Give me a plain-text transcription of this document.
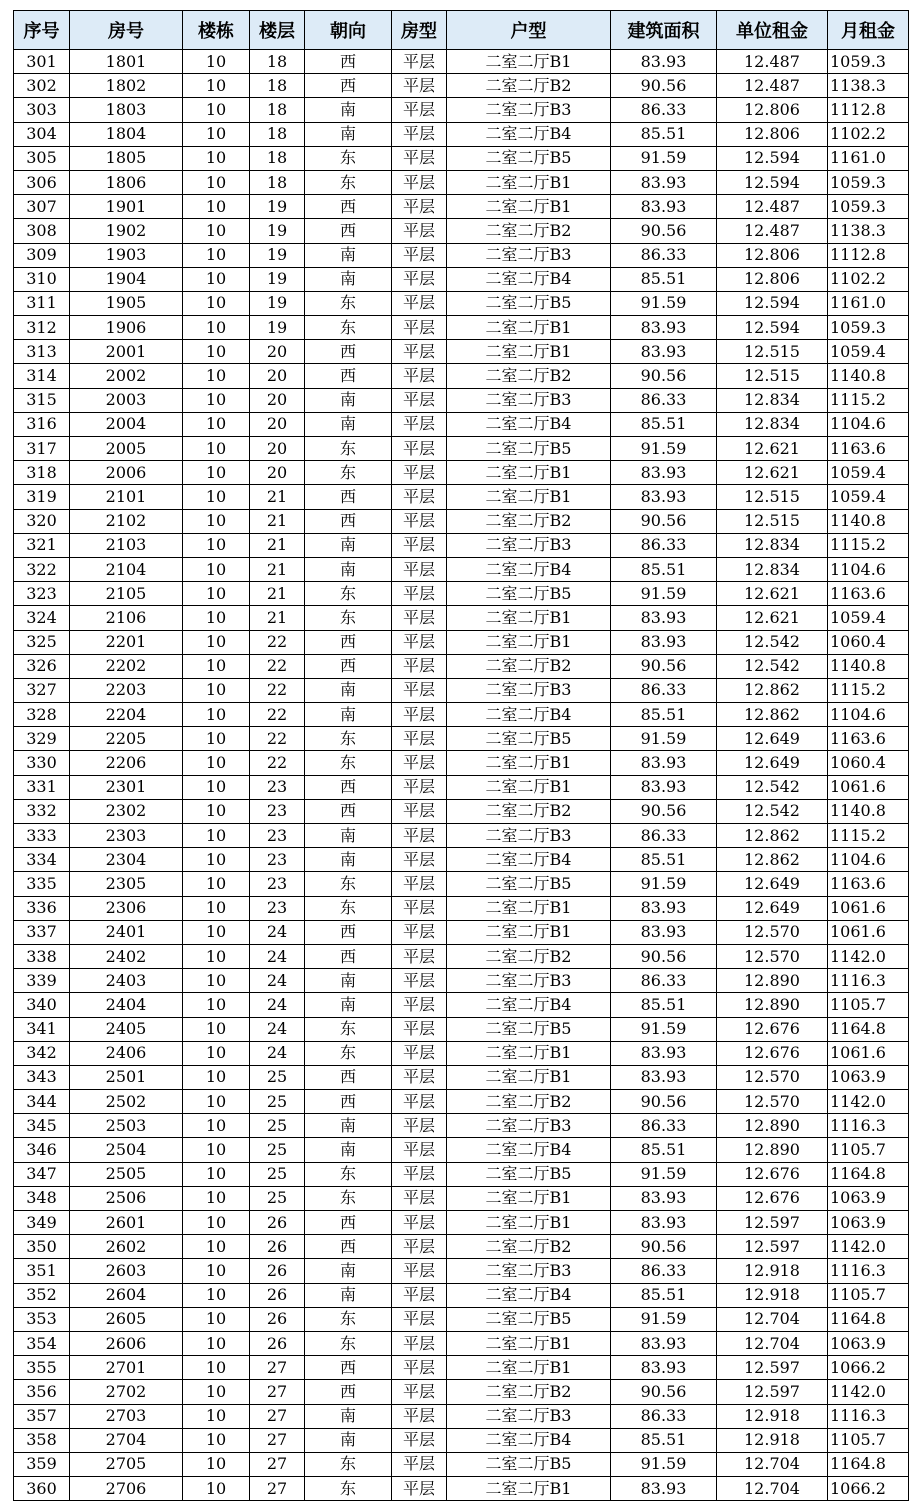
序号	房号	楼栋	楼层	朝向	房型	户型	建筑面积	单位租金	月租金
301	1801	10	18	西	平层	二室二厅B1	83.93	12.487	1059.3
302	1802	10	18	西	平层	二室二厅B2	90.56	12.487	1138.3
303	1803	10	18	南	平层	二室二厅B3	86.33	12.806	1112.8
304	1804	10	18	南	平层	二室二厅B4	85.51	12.806	1102.2
305	1805	10	18	东	平层	二室二厅B5	91.59	12.594	1161.0
306	1806	10	18	东	平层	二室二厅B1	83.93	12.594	1059.3
307	1901	10	19	西	平层	二室二厅B1	83.93	12.487	1059.3
308	1902	10	19	西	平层	二室二厅B2	90.56	12.487	1138.3
309	1903	10	19	南	平层	二室二厅B3	86.33	12.806	1112.8
310	1904	10	19	南	平层	二室二厅B4	85.51	12.806	1102.2
311	1905	10	19	东	平层	二室二厅B5	91.59	12.594	1161.0
312	1906	10	19	东	平层	二室二厅B1	83.93	12.594	1059.3
313	2001	10	20	西	平层	二室二厅B1	83.93	12.515	1059.4
314	2002	10	20	西	平层	二室二厅B2	90.56	12.515	1140.8
315	2003	10	20	南	平层	二室二厅B3	86.33	12.834	1115.2
316	2004	10	20	南	平层	二室二厅B4	85.51	12.834	1104.6
317	2005	10	20	东	平层	二室二厅B5	91.59	12.621	1163.6
318	2006	10	20	东	平层	二室二厅B1	83.93	12.621	1059.4
319	2101	10	21	西	平层	二室二厅B1	83.93	12.515	1059.4
320	2102	10	21	西	平层	二室二厅B2	90.56	12.515	1140.8
321	2103	10	21	南	平层	二室二厅B3	86.33	12.834	1115.2
322	2104	10	21	南	平层	二室二厅B4	85.51	12.834	1104.6
323	2105	10	21	东	平层	二室二厅B5	91.59	12.621	1163.6
324	2106	10	21	东	平层	二室二厅B1	83.93	12.621	1059.4
325	2201	10	22	西	平层	二室二厅B1	83.93	12.542	1060.4
326	2202	10	22	西	平层	二室二厅B2	90.56	12.542	1140.8
327	2203	10	22	南	平层	二室二厅B3	86.33	12.862	1115.2
328	2204	10	22	南	平层	二室二厅B4	85.51	12.862	1104.6
329	2205	10	22	东	平层	二室二厅B5	91.59	12.649	1163.6
330	2206	10	22	东	平层	二室二厅B1	83.93	12.649	1060.4
331	2301	10	23	西	平层	二室二厅B1	83.93	12.542	1061.6
332	2302	10	23	西	平层	二室二厅B2	90.56	12.542	1140.8
333	2303	10	23	南	平层	二室二厅B3	86.33	12.862	1115.2
334	2304	10	23	南	平层	二室二厅B4	85.51	12.862	1104.6
335	2305	10	23	东	平层	二室二厅B5	91.59	12.649	1163.6
336	2306	10	23	东	平层	二室二厅B1	83.93	12.649	1061.6
337	2401	10	24	西	平层	二室二厅B1	83.93	12.570	1061.6
338	2402	10	24	西	平层	二室二厅B2	90.56	12.570	1142.0
339	2403	10	24	南	平层	二室二厅B3	86.33	12.890	1116.3
340	2404	10	24	南	平层	二室二厅B4	85.51	12.890	1105.7
341	2405	10	24	东	平层	二室二厅B5	91.59	12.676	1164.8
342	2406	10	24	东	平层	二室二厅B1	83.93	12.676	1061.6
343	2501	10	25	西	平层	二室二厅B1	83.93	12.570	1063.9
344	2502	10	25	西	平层	二室二厅B2	90.56	12.570	1142.0
345	2503	10	25	南	平层	二室二厅B3	86.33	12.890	1116.3
346	2504	10	25	南	平层	二室二厅B4	85.51	12.890	1105.7
347	2505	10	25	东	平层	二室二厅B5	91.59	12.676	1164.8
348	2506	10	25	东	平层	二室二厅B1	83.93	12.676	1063.9
349	2601	10	26	西	平层	二室二厅B1	83.93	12.597	1063.9
350	2602	10	26	西	平层	二室二厅B2	90.56	12.597	1142.0
351	2603	10	26	南	平层	二室二厅B3	86.33	12.918	1116.3
352	2604	10	26	南	平层	二室二厅B4	85.51	12.918	1105.7
353	2605	10	26	东	平层	二室二厅B5	91.59	12.704	1164.8
354	2606	10	26	东	平层	二室二厅B1	83.93	12.704	1063.9
355	2701	10	27	西	平层	二室二厅B1	83.93	12.597	1066.2
356	2702	10	27	西	平层	二室二厅B2	90.56	12.597	1142.0
357	2703	10	27	南	平层	二室二厅B3	86.33	12.918	1116.3
358	2704	10	27	南	平层	二室二厅B4	85.51	12.918	1105.7
359	2705	10	27	东	平层	二室二厅B5	91.59	12.704	1164.8
360	2706	10	27	东	平层	二室二厅B1	83.93	12.704	1066.2
